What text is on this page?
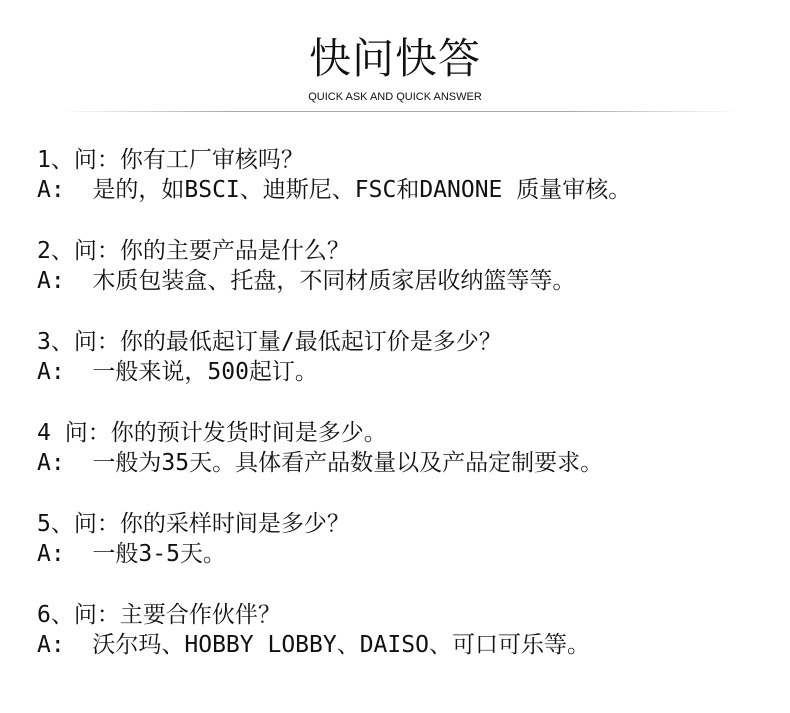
快问快答
QUICK ASK AND QUICK ANSWER
1、问：你有工厂审核吗？
A:  是的，如BSCI、迪斯尼、FSC和DANONE 质量审核。
2、问：你的主要产品是什么？
A:  木质包装盒、托盘，不同材质家居收纳篮等等。
3、问：你的最低起订量/最低起订价是多少？
A:  一般来说，500起订。
4 问：你的预计发货时间是多少。
A:  一般为35天。具体看产品数量以及产品定制要求。
5、问：你的采样时间是多少？
A:  一般3-5天。
6、问：主要合作伙伴？
A:  沃尔玛、HOBBY LOBBY、DAISO、可口可乐等。
